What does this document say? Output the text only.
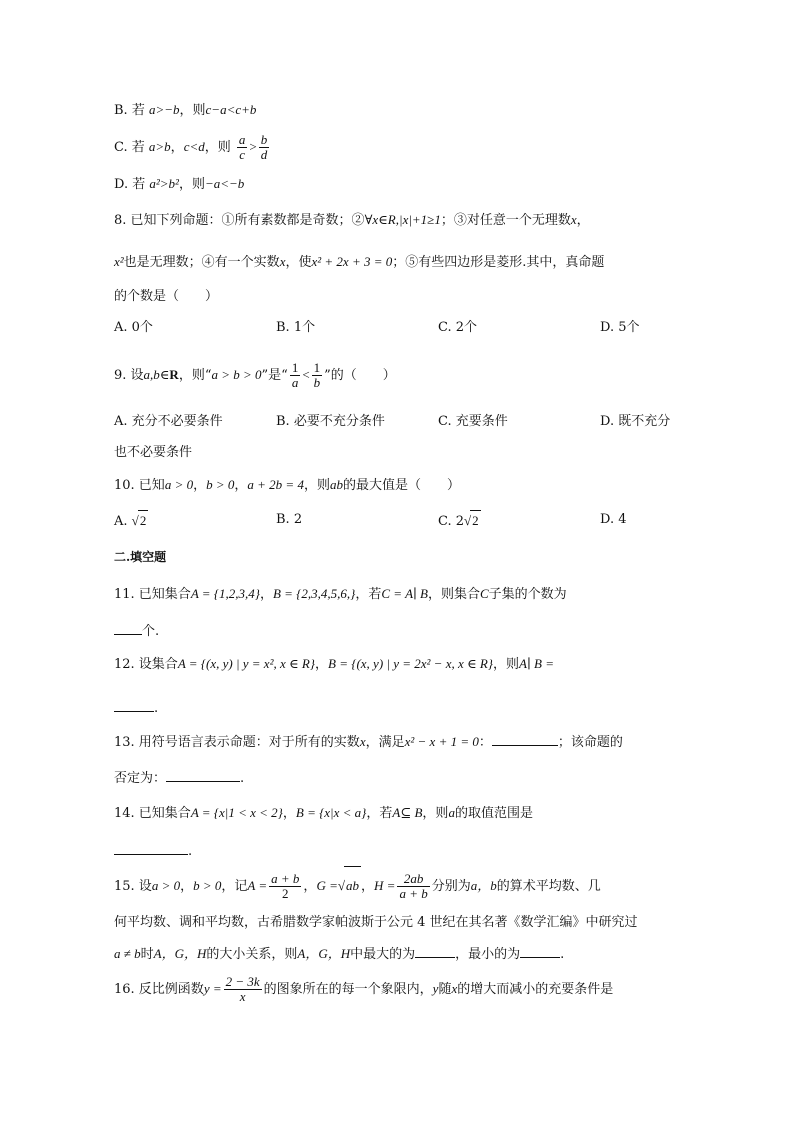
B. 若 a>−b，则c−a<c+b
C. 若 a>b，c<d，则 $\frac{a}{c} > \frac{b}{d}$
D. 若 a²>b²，则−a<−b
8. 已知下列命题：①所有素数都是奇数；②∀x∈R,|x|+1≥1；③对任意一个无理数x，
x²也是无理数；④有一个实数x，使x² + 2x + 3 = 0；⑤有些四边形是菱形.其中，真命题
的个数是（　　）
A. 0个	B. 1个	C. 2个	D. 5个
9. 设a,b∈R，则“a > b > 0”是“ $\frac{1}{a} < \frac{1}{b}$ ”的（　　）
A. 充分不必要条件	B. 必要不充分条件	C. 充要条件	D. 既不充分
也不必要条件
10. 已知a > 0，b > 0，a + 2b = 4，则ab的最大值是（　　）
A. √2	B. 2	C. 2√2	D. 4
二.填空题
11. 已知集合A = {1,2,3,4}，B = {2,3,4,5,6,}，若C = A∣ B，则集合C子集的个数为
个.
12. 设集合A = {(x, y) | y = x², x ∈ R}，B = {(x, y) | y = 2x² − x, x ∈ R}，则A∣ B =
.
13. 用符号语言表示命题：对于所有的实数x，满足x² − x + 1 = 0：	；该命题的
否定为：	.
14. 已知集合A = {x|1 < x < 2}，B = {x|x < a}，若A⊆ B，则a的取值范围是
.
15. 设a > 0，b > 0，记$A = \frac{a + b}{2}$ ，G =√ab ，$H = \frac{2ab}{a + b}$ 分别为a，b的算术平均数、几
何平均数、调和平均数，古希腊数学家帕波斯于公元 4 世纪在其名著《数学汇编》中研究过
a ≠ b时A，G，H的大小关系，则A，G，H中最大的为	，最小的为	.
16. 反比例函数$y = \frac{2 - 3k}{x}$ 的图象所在的每一个象限内，y随x的增大而减小的充要条件是
